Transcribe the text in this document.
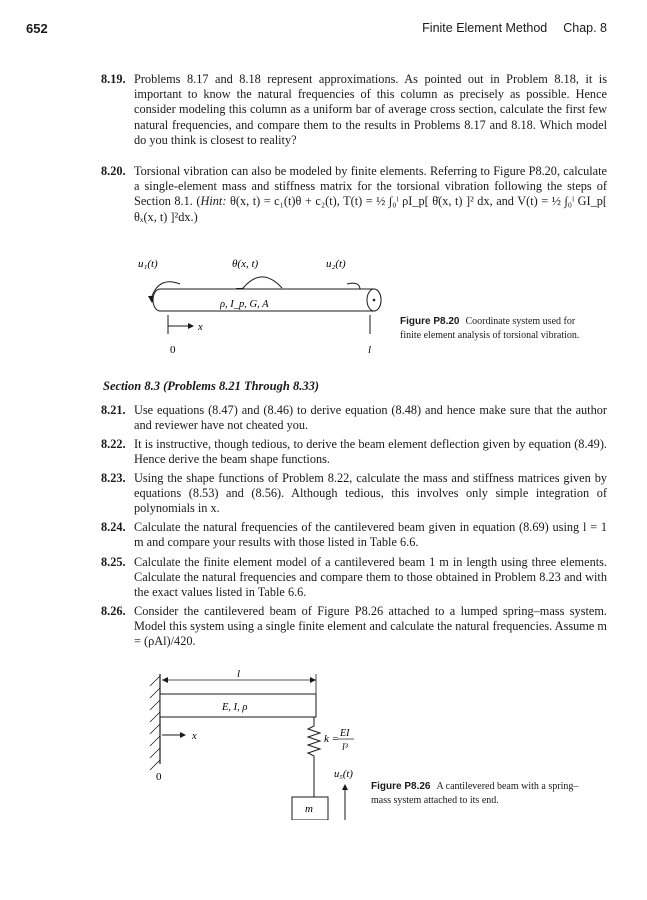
652	Finite Element Method Chap. 8
8.19. Problems 8.17 and 8.18 represent approximations. As pointed out in Problem 8.18, it is important to know the natural frequencies of this column as precisely as possible. Hence consider modeling this column as a uniform bar of average cross section, calculate the first few natural frequencies, and compare them to the results in Problems 8.17 and 8.18. Which model do you think is closest to reality?
8.20. Torsional vibration can also be modeled by finite elements. Referring to Figure P8.20, calculate a single-element mass and stiffness matrix for the torsional vibration following the steps of Section 8.1. (Hint: θ(x, t) = c₁(t)θ + c₂(t), T(t) = ½ ∫₀ˡ ρI_p[ θ̇(x, t) ]² dx, and V(t) = ½ ∫₀ˡ GI_p[ θₓ(x, t) ]²dx.)
u₁(t)	θ(x, t)	u₂(t)
ρ, I_p, G, A
x
0	l
Figure P8.20 Coordinate system used for finite element analysis of torsional vibration.
Section 8.3 (Problems 8.21 Through 8.33)
8.21. Use equations (8.47) and (8.46) to derive equation (8.48) and hence make sure that the author and reviewer have not cheated you.
8.22. It is instructive, though tedious, to derive the beam element deflection given by equation (8.49). Hence derive the beam shape functions.
8.23. Using the shape functions of Problem 8.22, calculate the mass and stiffness matrices given by equations (8.53) and (8.56). Although tedious, this involves only simple integration of polynomials in x.
8.24. Calculate the natural frequencies of the cantilevered beam given in equation (8.69) using l = 1 m and compare your results with those listed in Table 6.6.
8.25. Calculate the finite element model of a cantilevered beam 1 m in length using three elements. Calculate the natural frequencies and compare them to those obtained in Problem 8.23 and with the exact values listed in Table 6.6.
8.26. Consider the cantilevered beam of Figure P8.26 attached to a lumped spring–mass system. Model this system using a single finite element and calculate the natural frequencies. Assume m = (ρAl)/420.
l
E, I, ρ
x
0
k = EI
l³
m
u₅(t)
Figure P8.26 A cantilevered beam with a spring–mass system attached to its end.
